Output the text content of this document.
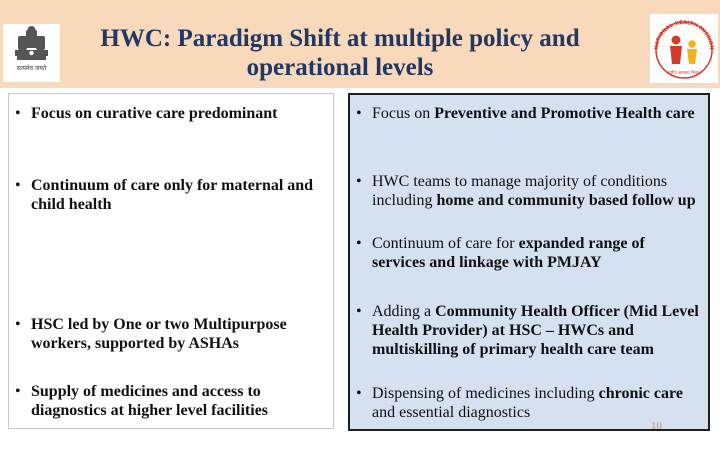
सत्यमेव जयते
HWC: Paradigm Shift at multiple policy and
operational levels
NATIONAL HEALTH MISSION
राष्ट्रीय स्वास्थ्य मिशन
• Focus on curative care predominant
• Continuum of care only for maternal and child health
• HSC led by One or two Multipurpose workers, supported by ASHAs
• Supply of medicines and access to diagnostics at higher level facilities
• Focus on Preventive and Promotive Health care
• HWC teams to manage majority of conditions including home and community based follow up
• Continuum of care for expanded range of services and linkage with PMJAY
• Adding a Community Health Officer (Mid Level Health Provider) at HSC – HWCs and multiskilling of primary health care team
• Dispensing of medicines including chronic care and essential diagnostics
10
